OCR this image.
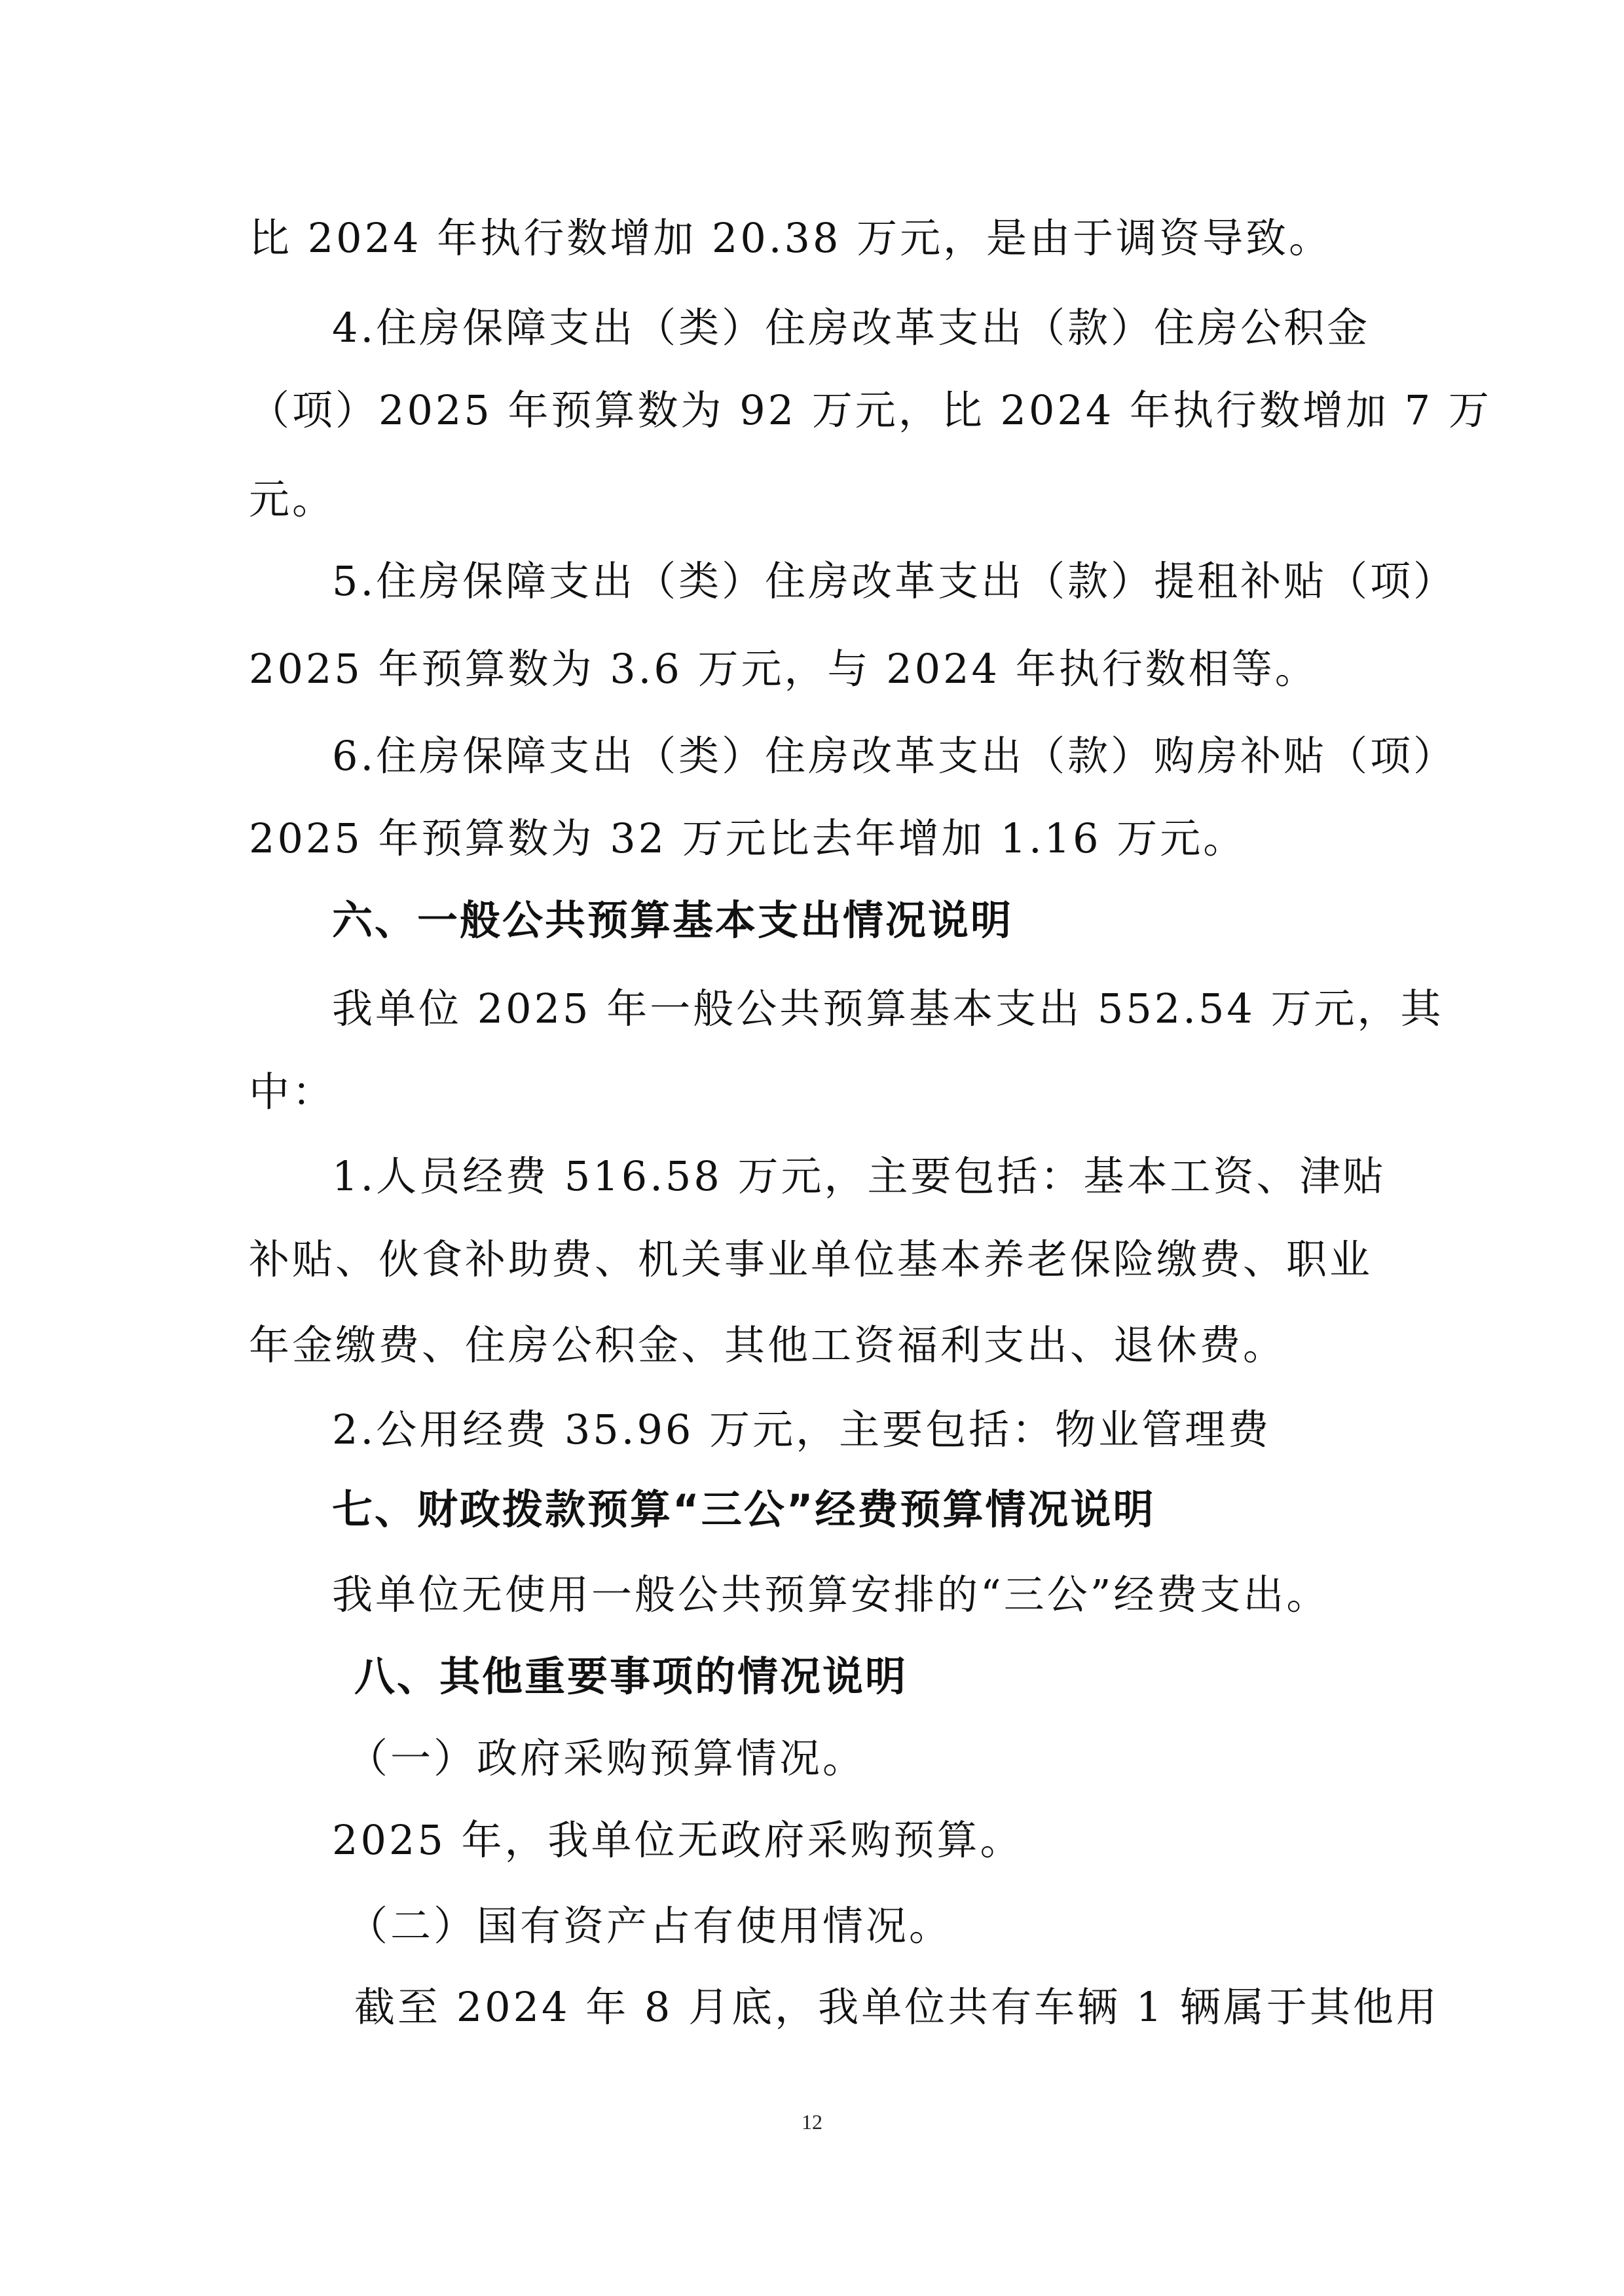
比 2024 年执行数增加 20.38 万元，是由于调资导致。
4.住房保障支出（类）住房改革支出（款）住房公积金
（项）2025 年预算数为 92 万元，比 2024 年执行数增加 7 万
元。
5.住房保障支出（类）住房改革支出（款）提租补贴（项）
2025 年预算数为 3.6 万元，与 2024 年执行数相等。
6.住房保障支出（类）住房改革支出（款）购房补贴（项）
2025 年预算数为 32 万元比去年增加 1.16 万元。
六、一般公共预算基本支出情况说明
我单位 2025 年一般公共预算基本支出 552.54 万元，其
中：
1.人员经费 516.58 万元，主要包括：基本工资、津贴
补贴、伙食补助费、机关事业单位基本养老保险缴费、职业
年金缴费、住房公积金、其他工资福利支出、退休费。
2.公用经费 35.96 万元，主要包括：物业管理费
七、财政拨款预算“三公”经费预算情况说明
我单位无使用一般公共预算安排的“三公”经费支出。
八、其他重要事项的情况说明
（一）政府采购预算情况。
2025 年，我单位无政府采购预算。
（二）国有资产占有使用情况。
截至 2024 年 8 月底，我单位共有车辆 1 辆属于其他用
12
